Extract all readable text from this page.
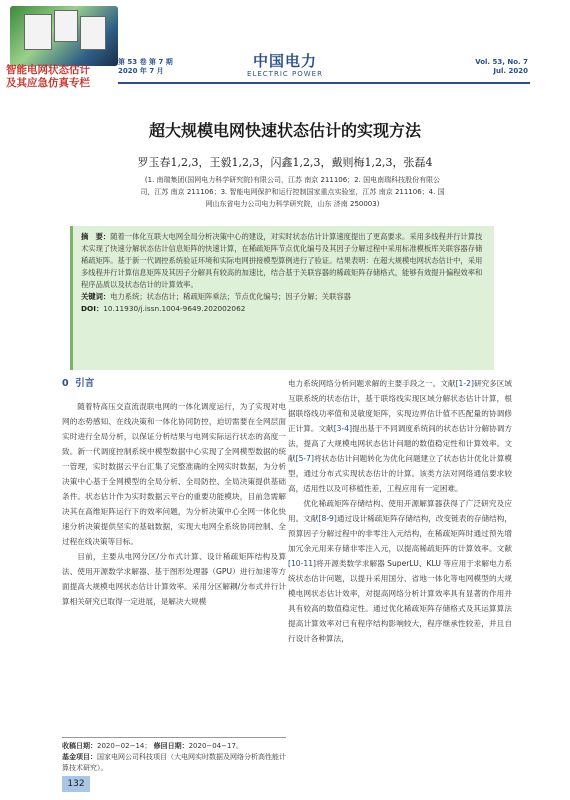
智能电网状态估计
及其应急仿真专栏
第 53 卷 第 7 期
2020 年 7 月
中国电力
ELECTRIC POWER
Vol. 53, No. 7
Jul. 2020
超大规模电网快速状态估计的实现方法
罗玉春1,2,3，王毅1,2,3，闪鑫1,2,3，戴则梅1,2,3，张磊4
(1. 南瑞集团(国网电力科学研究院)有限公司，江苏 南京 211106；2. 国电南瑞科技股份有限公司，江苏 南京 211106；3. 智能电网保护和运行控制国家重点实验室，江苏 南京 211106；4. 国网山东省电力公司电力科学研究院，山东 济南 250003)

摘　要：随着一体化互联大电网全局分析决策中心的建设，对实时状态估计计算速度提出了更高要求。采用多线程并行计算技术实现了快速分解状态估计信息矩阵的快速计算，在稀疏矩阵节点优化编号及其因子分解过程中采用标准模板库关联容器存储稀疏矩阵。基于新一代调控系统验证环境和实际电网拼接模型算例进行了验证。结果表明：在超大规模电网状态估计中，采用多线程并行计算信息矩阵及其因子分解具有较高的加速比，结合基于关联容器的稀疏矩阵存储格式，能够有效提升偏程效率和程序品质以及状态估计的计算效率。

关键词：电力系统；状态估计；稀疏矩阵乘法；节点优化编号；因子分解；关联容器

DOI：10.11930/j.issn.1004-9649.202002062

0 引言

随着特高压交直流混联电网的一体化调度运行，为了实现对电网的态势感知、在线决策和一体化协同防控，迫切需要在全网层面实时进行全局分析，以保证分析结果与电网实际运行状态的高度一致。新一代调度控制系统中模型数据中心实现了全网模型数据的统一管理，实时数据云平台汇集了完整准确的全网实时数据，为分析决策中心基于全网模型的全局分析、全局防控、全局决策提供基础条件。状态估计作为实时数据云平台的重要功能模块，目前急需解决其在高维矩阵运行下的效率问题，为分析决策中心全网一体化快速分析决策提供坚实的基础数据，实现大电网全系统协同控制、全过程在线决策等目标。

目前，主要从电网分区/分布式计算、设计稀疏矩阵结构及算法、使用开源数学求解器、基于图形处理器（GPU）进行加速等方面提高大规模电网状态估计计算效率。采用分区解耦/分布式并行计算相关研究已取得一定进展，是解决大规模

电力系统网络分析问题求解的主要手段之一。文献[1-2]研究多区域互联系统的状态估计，基于联络线实现区域分解状态估计计算，根据联络线功率值和灵敏度矩阵，实现边界估计值不匹配量的协调修正计算。文献[3-4]提出基于不同调度系统间的状态估计分解协调方法，提高了大规模电网状态估计问题的数值稳定性和计算效率。文献[5-7]将状态估计问题转化为优化问题建立了状态估计优化计算模型，通过分布式实现状态估计的计算。该类方法对网络通信要求较高，适用性以及可移植性差，工程应用有一定困难。

优化稀疏矩阵存储结构、使用开源解算器获得了广泛研究及应用。文献[8-9]通过设计稀疏矩阵存储结构，改变链表的存储结构，预算因子分解过程中的非零注入元结构，在稀疏矩阵时通过预先增加冗余元用来存储非零注入元，以提高稀疏矩阵的计算效率。文献[10-11]将开源类数学求解器 SuperLU、KLU 等应用于求解电力系统状态估计问题，以提升采用国分、省地一体化等电网模型的大规模电网状态估计效率，对提高网络分析计算效率具有显著的作用并具有较高的数值稳定性。通过优化稀疏矩阵存储格式及其运算算法提高计算效率对已有程序结构影响较大，程序继承性较差，并且自行设计各种算法，

收稿日期：2020−02−14； 修回日期：2020−04−17。
基金项目：国家电网公司科技项目（大电网实时数据及网络分析高性能计算技术研究）。
132
